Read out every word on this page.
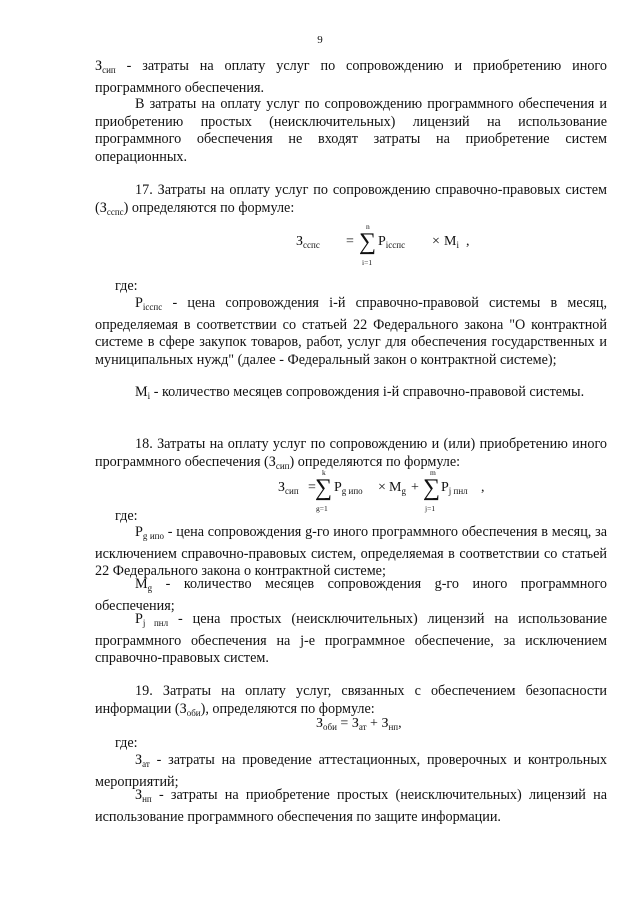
9
$З_{сип}$ - затраты на оплату услуг по сопровождению и приобретению иного программного обеспечения.
В затраты на оплату услуг по сопровождению программного обеспечения и приобретению простых (неисключительных) лицензий на использование программного обеспечения не входят затраты на приобретение систем операционных.
17. Затраты на оплату услуг по сопровождению справочно-правовых систем $(З_{сспс})$ определяются по формуле:
$З_{сспс}$ =
n
∑
i=1
$P_{iсспс} \times M_i$ ,
где:
$P_{iсспс}$ - цена сопровождения i-й справочно-правовой системы в месяц, определяемая в соответствии со статьей 22 Федерального закона "О контрактной системе в сфере закупок товаров, работ, услуг для обеспечения государственных и муниципальных нужд" (далее - Федеральный закон о контрактной системе);
$M_i$ - количество месяцев сопровождения i-й справочно-правовой системы.
18. Затраты на оплату услуг по сопровождению и (или) приобретению иного программного обеспечения $(З_{сип})$ определяются по формуле:
$З_{сип}$ =
k
∑
g=1
$P_{g ипо} \times M_g$ +
m
∑
j=1
$P_{j пнл}$ ,
где:
$P_{g ипо}$ - цена сопровождения g-го иного программного обеспечения в месяц, за исключением справочно-правовых систем, определяемая в соответствии со статьей 22 Федерального закона о контрактной системе;
$M_g$ - количество месяцев сопровождения g-го иного программного обеспечения;
$P_{j пнл}$ - цена простых (неисключительных) лицензий на использование программного обеспечения на j-е программное обеспечение, за исключением справочно-правовых систем.
19. Затраты на оплату услуг, связанных с обеспечением безопасности информации $(З_{оби})$, определяются по формуле:
$З_{оби} = З_{ат} + З_{нп}$,
где:
$З_{ат}$ - затраты на проведение аттестационных, проверочных и контрольных мероприятий;
$З_{нп}$ - затраты на приобретение простых (неисключительных) лицензий на использование программного обеспечения по защите информации.
